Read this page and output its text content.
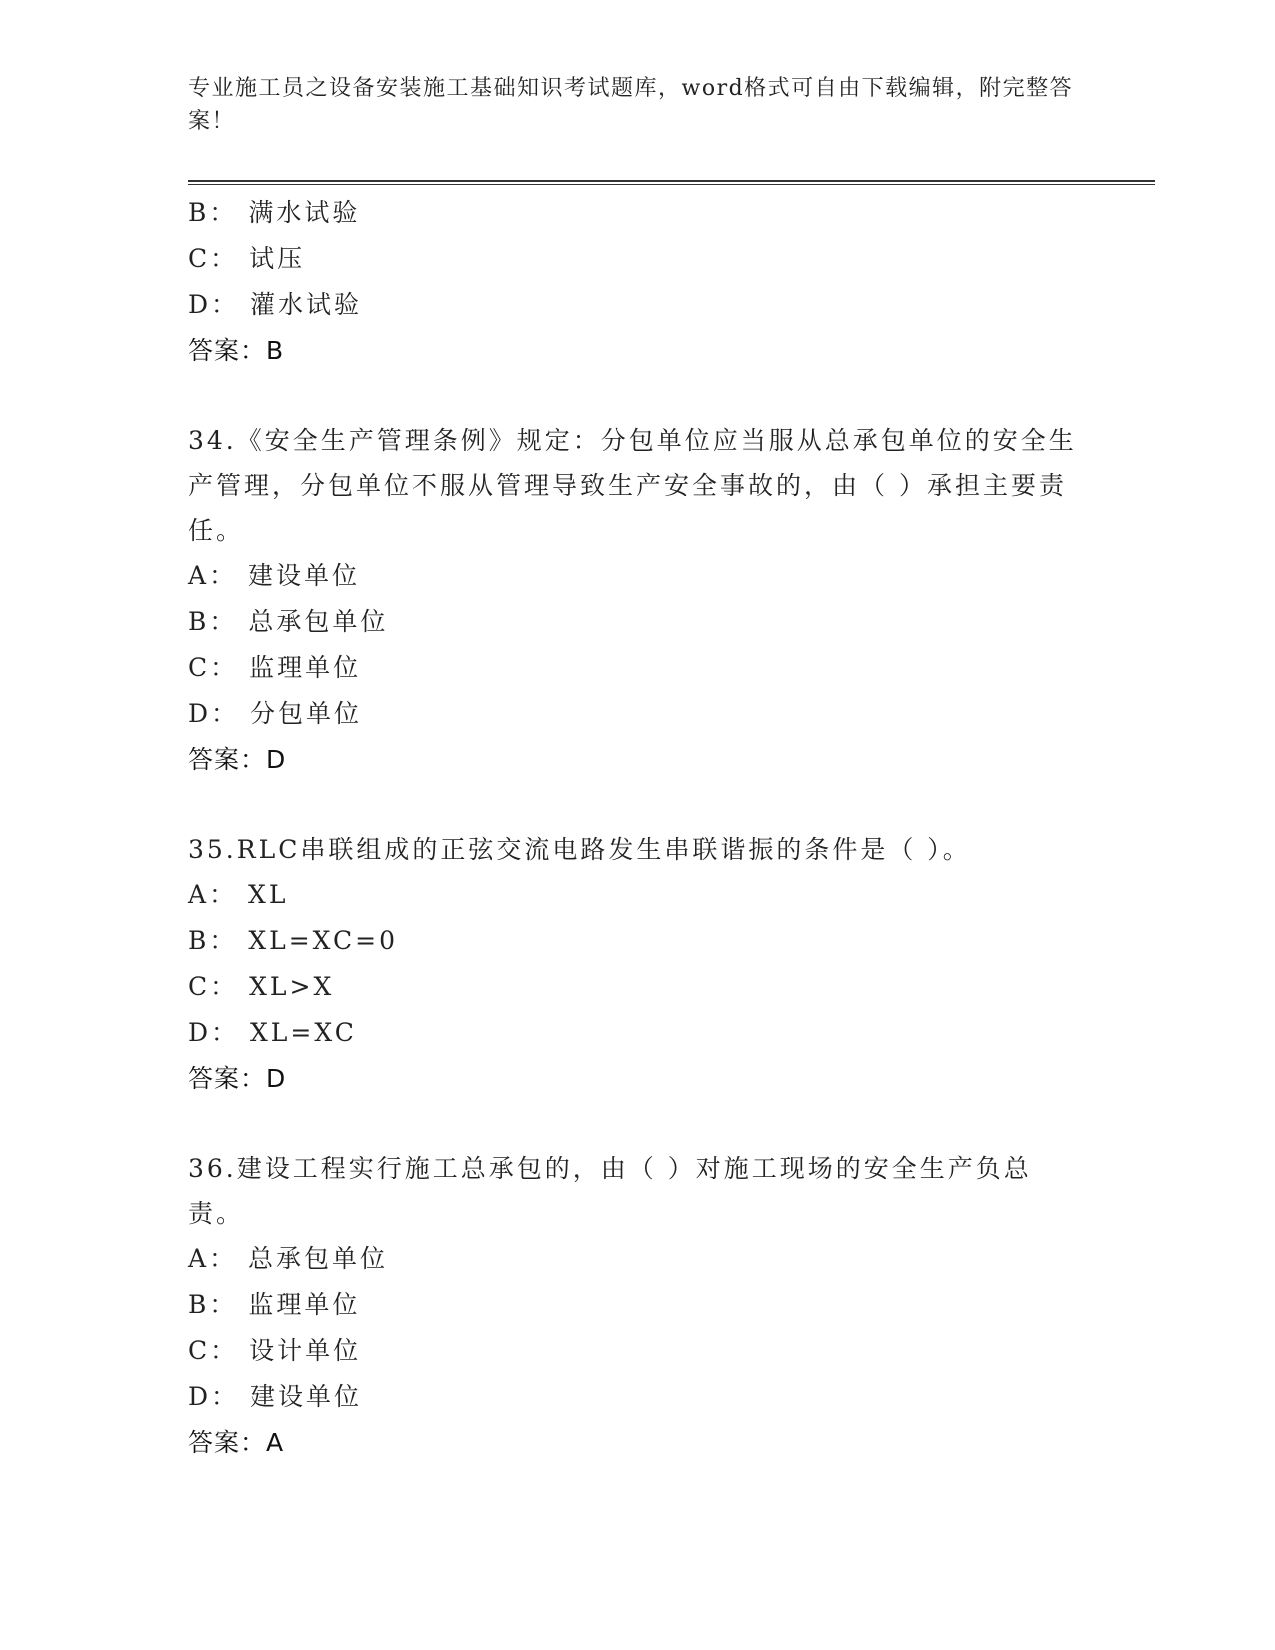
专业施工员之设备安装施工基础知识考试题库，word格式可自由下载编辑，附完整答案！
B： 满水试验
C： 试压
D： 灌水试验
答案：B
34.《安全生产管理条例》规定：分包单位应当服从总承包单位的安全生产管理，分包单位不服从管理导致生产安全事故的，由（ ）承担主要责任。
A： 建设单位
B： 总承包单位
C： 监理单位
D： 分包单位
答案：D
35.RLC串联组成的正弦交流电路发生串联谐振的条件是（ ）。
A： XL
B： XL=XC=0
C： XL>X
D： XL=XC
答案：D
36.建设工程实行施工总承包的，由（ ）对施工现场的安全生产负总责。
A： 总承包单位
B： 监理单位
C： 设计单位
D： 建设单位
答案：A
